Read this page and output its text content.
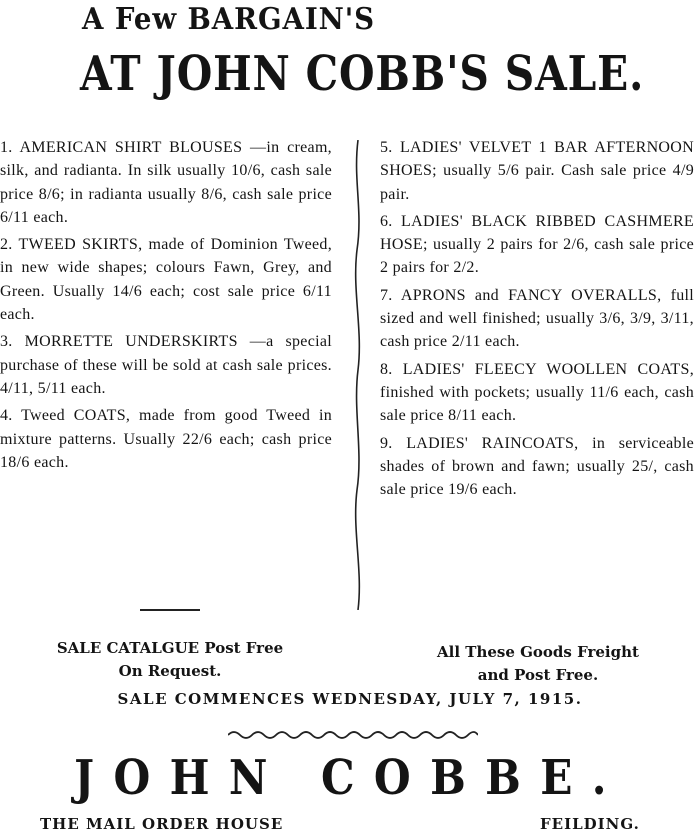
A Few BARGAIN'S
AT JOHN COBB'S SALE.

1. AMERICAN SHIRT BLOUSES —in cream, silk, and radianta. In silk usually 10/6, cash sale price 8/6; in radianta usually 8/6, cash sale price 6/11 each.

2. TWEED SKIRTS, made of Dominion Tweed, in new wide shapes; colours Fawn, Grey, and Green. Usually 14/6 each; cost sale price 6/11 each.

3. MORRETTE UNDERSKIRTS —a special purchase of these will be sold at cash sale prices. 4/11, 5/11 each.

4. Tweed COATS, made from good Tweed in mixture patterns. Usually 22/6 each; cash price 18/6 each.

5. LADIES' VELVET 1 BAR AFTERNOON SHOES; usually 5/6 pair. Cash sale price 4/9 pair.

6. LADIES' BLACK RIBBED CASHMERE HOSE; usually 2 pairs for 2/6, cash sale price 2 pairs for 2/2.

7. APRONS and FANCY OVERALLS, full sized and well finished; usually 3/6, 3/9, 3/11, cash price 2/11 each.

8. LADIES' FLEECY WOOLLEN COATS, finished with pockets; usually 11/6 each, cash sale price 8/11 each.

9. LADIES' RAINCOATS, in serviceable shades of brown and fawn; usually 25/, cash sale price 19/6 each.

SALE CATALGUE Post Free
On Request.
All These Goods Freight
and Post Free.
SALE COMMENCES WEDNESDAY, JULY 7, 1915.
JOHN COBBE.
THE MAIL ORDER HOUSE	FEILDING.
